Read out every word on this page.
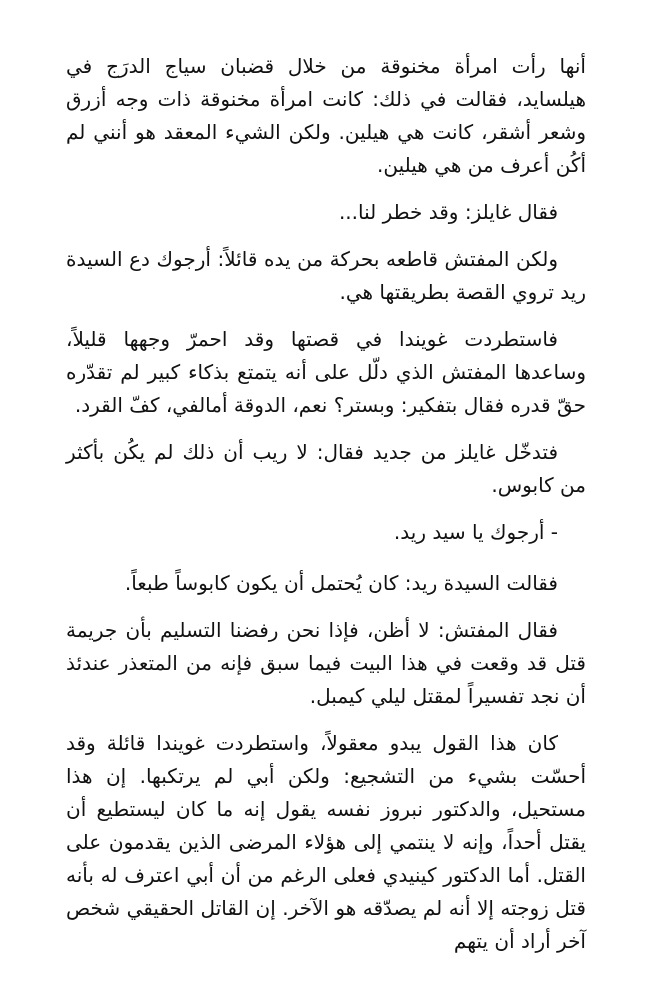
أنها رأت امرأة مخنوقة من خلال قضبان سياج الدرَج في هيلسايد، فقالت في ذلك: كانت امرأة مخنوقة ذات وجه أزرق وشعر أشقر، كانت هي هيلين. ولكن الشيء المعقد هو أنني لم أكُن أعرف من هي هيلين.

فقال غايلز: وقد خطر لنا...

ولكن المفتش قاطعه بحركة من يده قائلاً: أرجوك دع السيدة ريد تروي القصة بطريقتها هي.

فاستطردت غويندا في قصتها وقد احمرّ وجهها قليلاً، وساعدها المفتش الذي دلّل على أنه يتمتع بذكاء كبير لم تقدّره حقّ قدره فقال بتفكير: وبستر؟ نعم، الدوقة أمالفي، كفّ القرد.

فتدخّل غايلز من جديد فقال: لا ريب أن ذلك لم يكُن بأكثر من كابوس.

- أرجوك يا سيد ريد.

فقالت السيدة ريد: كان يُحتمل أن يكون كابوساً طبعاً.

فقال المفتش: لا أظن، فإذا نحن رفضنا التسليم بأن جريمة قتل قد وقعت في هذا البيت فيما سبق فإنه من المتعذر عندئذ أن نجد تفسيراً لمقتل ليلي كيمبل.

كان هذا القول يبدو معقولاً، واستطردت غويندا قائلة وقد أحسّت بشيء من التشجيع: ولكن أبي لم يرتكبها. إن هذا مستحيل، والدكتور نبروز نفسه يقول إنه ما كان ليستطيع أن يقتل أحداً، وإنه لا ينتمي إلى هؤلاء المرضى الذين يقدمون على القتل. أما الدكتور كينيدي فعلى الرغم من أن أبي اعترف له بأنه قتل زوجته إلا أنه لم يصدّقه هو الآخر. إن القاتل الحقيقي شخص آخر أراد أن يتهم
